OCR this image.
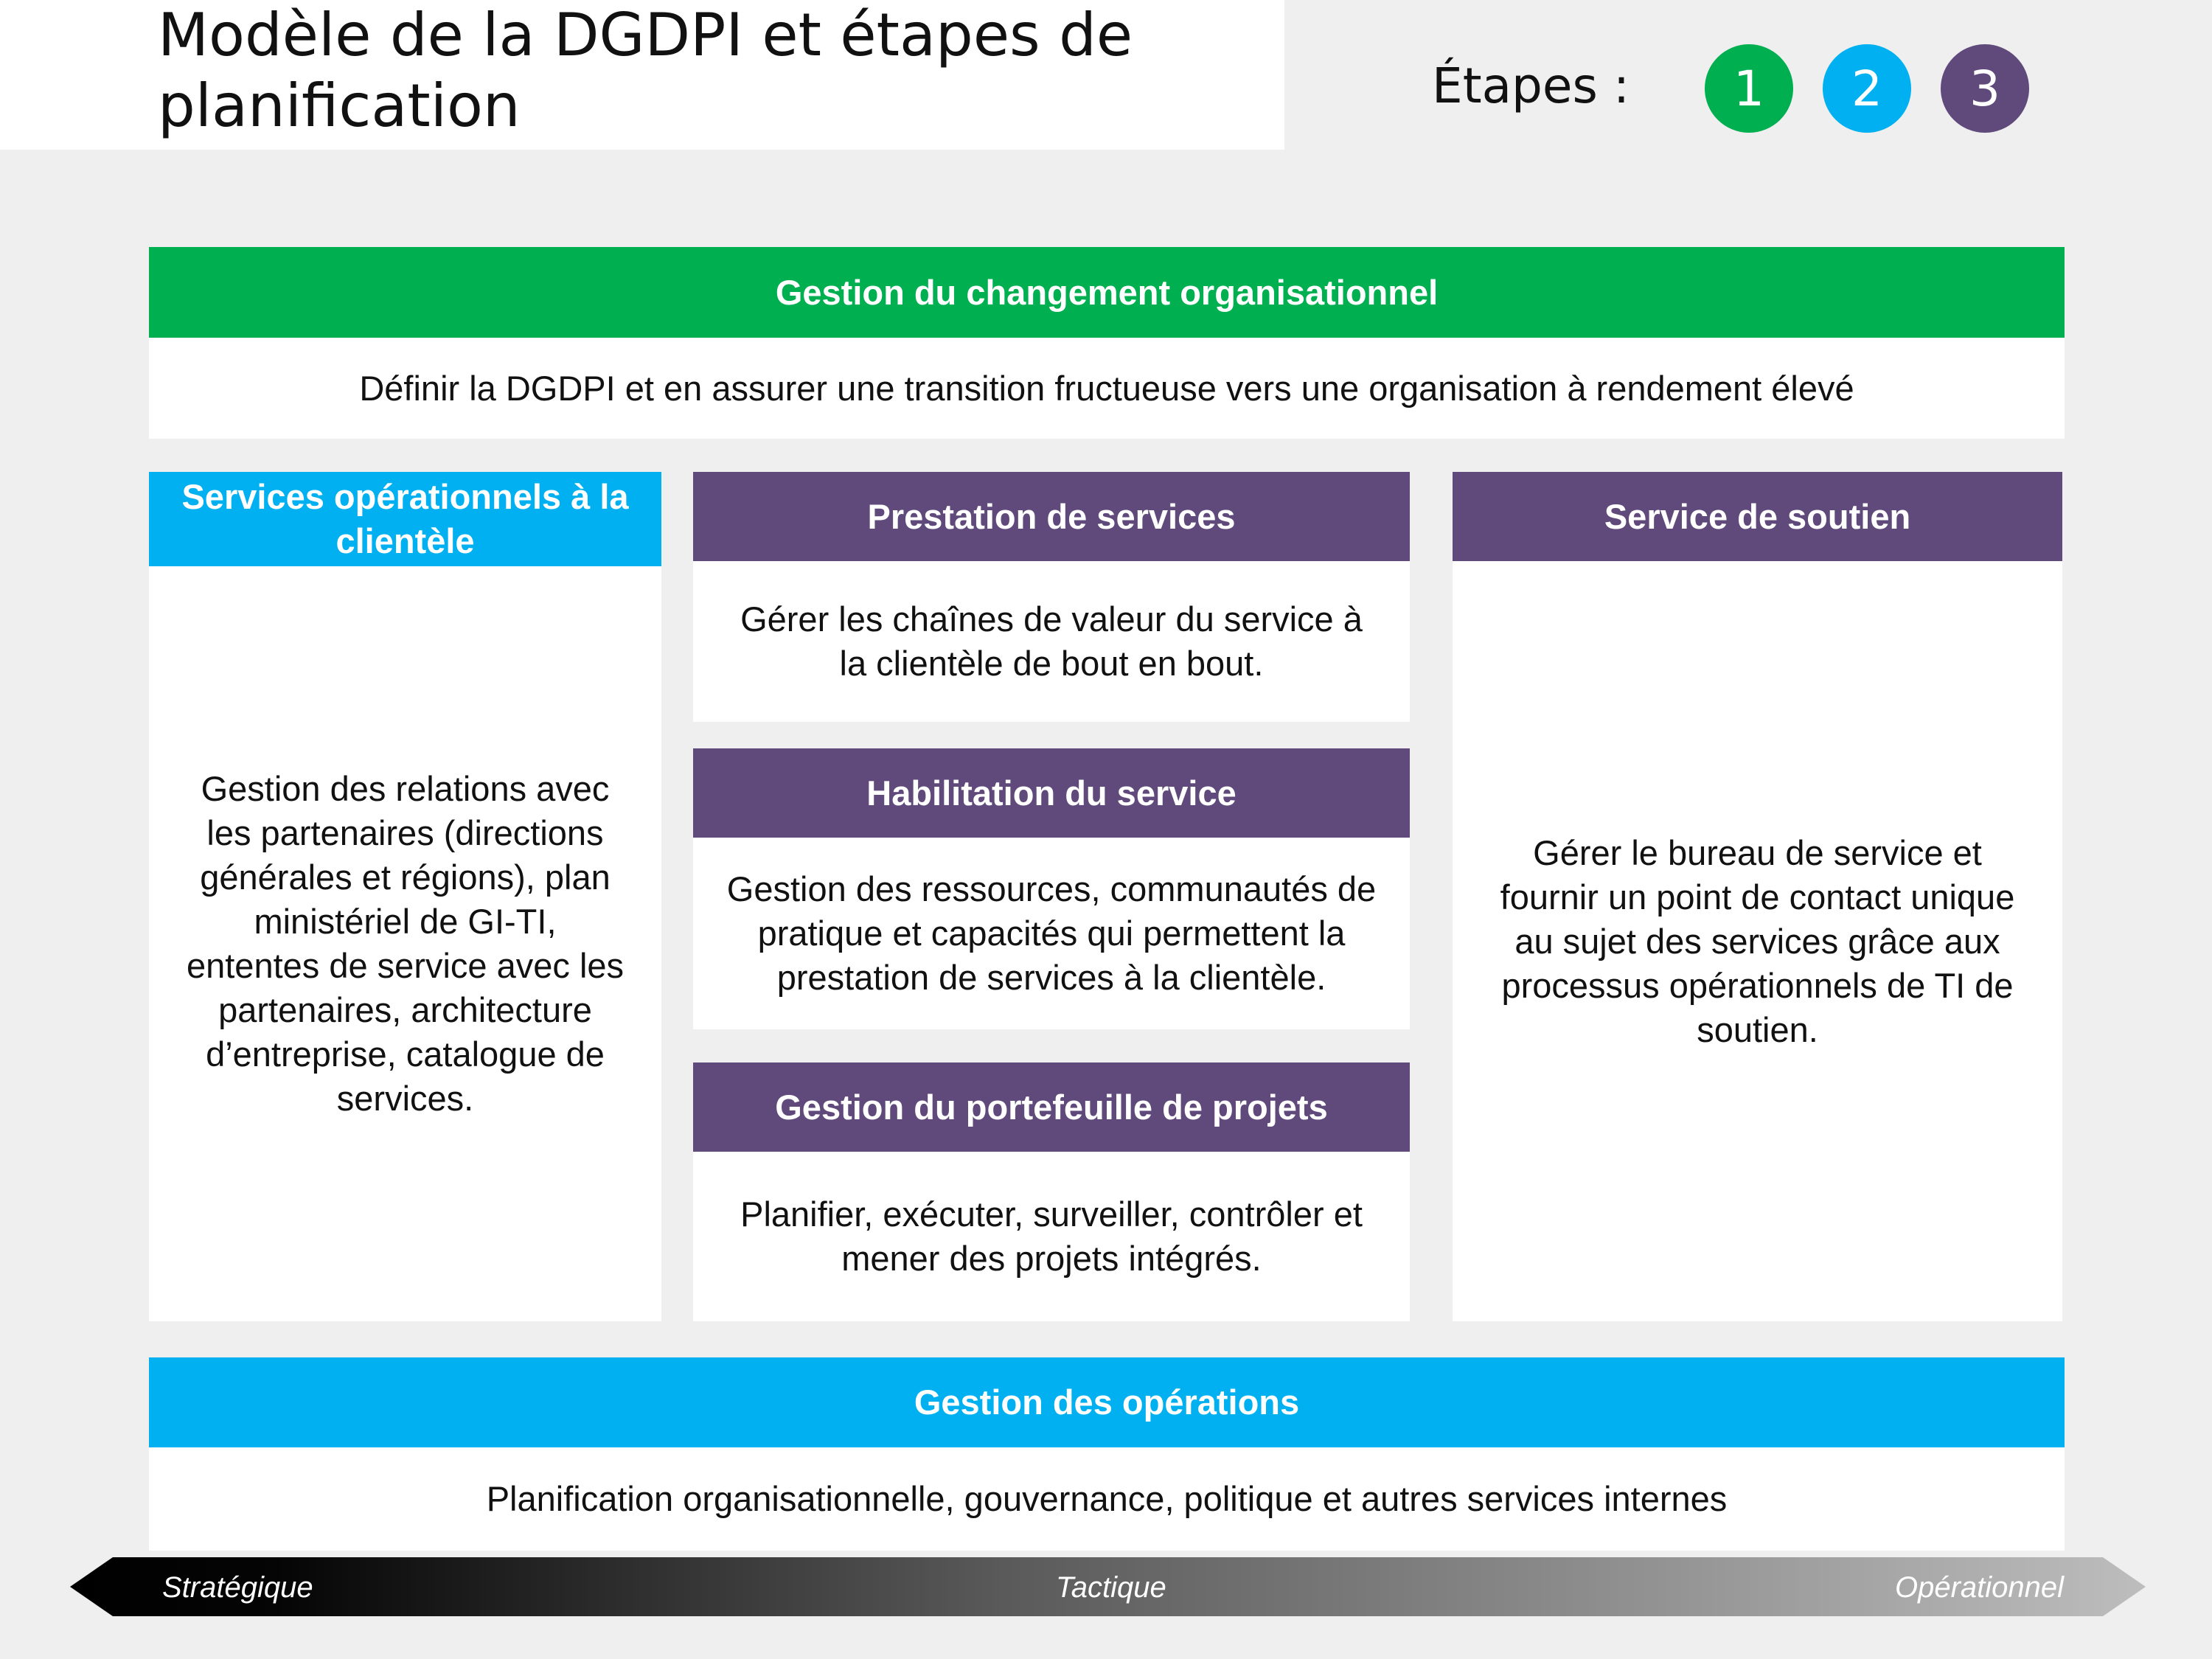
Modèle de la DGDPI et étapes de planification	Étapes :	1	2	3
Gestion du changement organisationnel
Définir la DGDPI et en assurer une transition fructueuse vers une organisation à rendement élevé
Services opérationnels à la clientèle
Gestion des relations avec les partenaires (directions générales et régions), plan ministériel de GI-TI, ententes de service avec les partenaires, architecture d’entreprise, catalogue de services.
Prestation de services
Gérer les chaînes de valeur du service à la clientèle de bout en bout.
Habilitation du service
Gestion des ressources, communautés de pratique et capacités qui permettent la prestation de services à la clientèle.
Gestion du portefeuille de projets
Planifier, exécuter, surveiller, contrôler et mener des projets intégrés.
Service de soutien
Gérer le bureau de service et fournir un point de contact unique au sujet des services grâce aux processus opérationnels de TI de soutien.
Gestion des opérations
Planification organisationnelle, gouvernance, politique et autres services internes
Stratégique	Tactique	Opérationnel
